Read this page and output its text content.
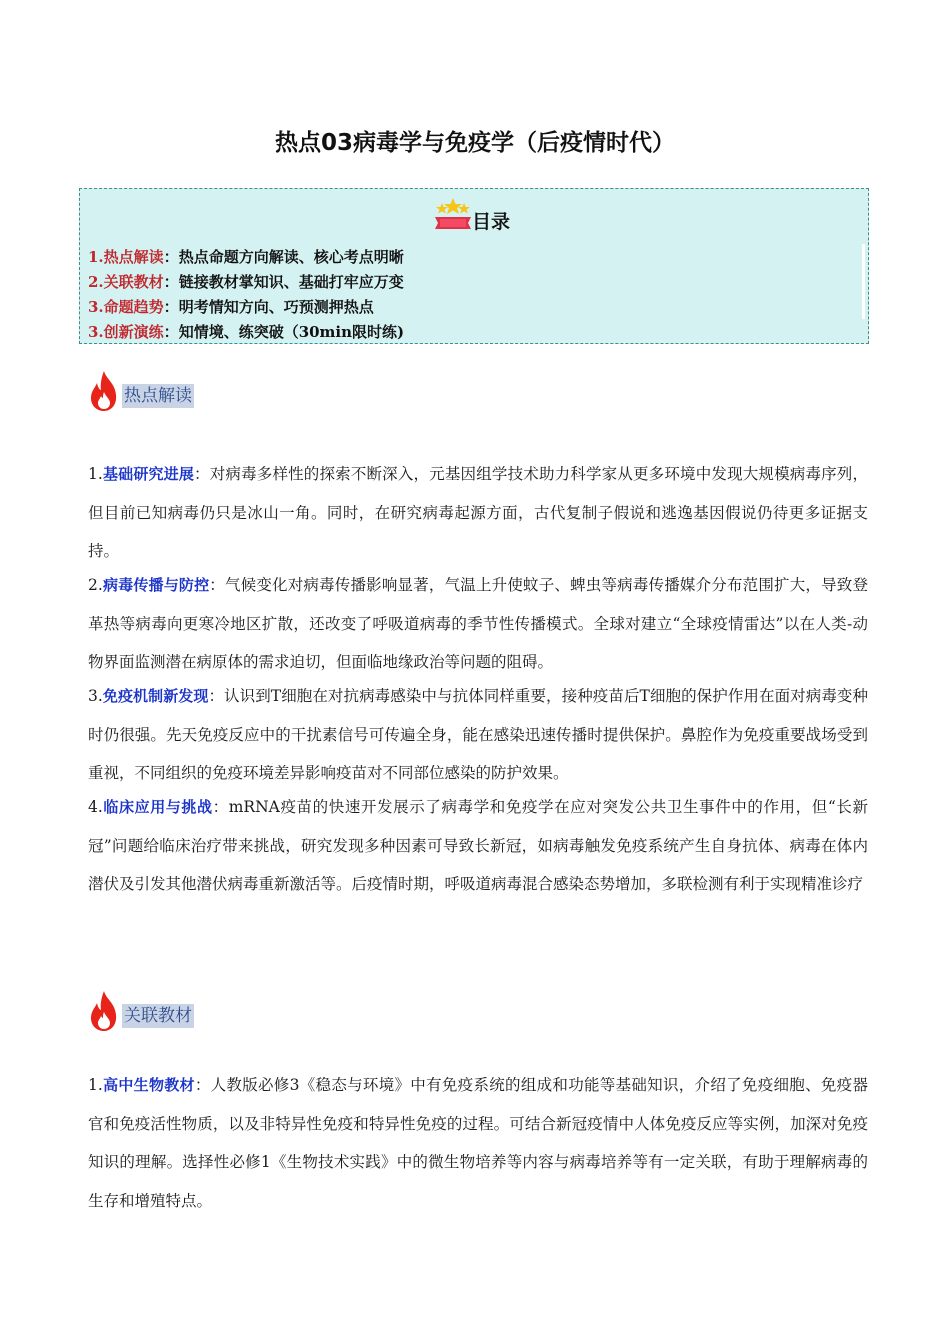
热点03病毒学与免疫学（后疫情时代）
目录
1.热点解读：热点命题方向解读、核心考点明晰
2.关联教材：链接教材掌知识、基础打牢应万变
3.命题趋势：明考情知方向、巧预测押热点
3.创新演练：知情境、练突破（30min限时练)
热点解读

1.基础研究进展：对病毒多样性的探索不断深入，元基因组学技术助力科学家从更多环境中发现大规模病毒序列，但目前已知病毒仍只是冰山一角。同时，在研究病毒起源方面，古代复制子假说和逃逸基因假说仍待更多证据支持。

2.病毒传播与防控：气候变化对病毒传播影响显著，气温上升使蚊子、蜱虫等病毒传播媒介分布范围扩大，导致登革热等病毒向更寒冷地区扩散，还改变了呼吸道病毒的季节性传播模式。全球对建立“全球疫情雷达”以在人类-动物界面监测潜在病原体的需求迫切，但面临地缘政治等问题的阻碍。

3.免疫机制新发现：认识到T细胞在对抗病毒感染中与抗体同样重要，接种疫苗后T细胞的保护作用在面对病毒变种时仍很强。先天免疫反应中的干扰素信号可传遍全身，能在感染迅速传播时提供保护。鼻腔作为免疫重要战场受到重视，不同组织的免疫环境差异影响疫苗对不同部位感染的防护效果。

4.临床应用与挑战：mRNA疫苗的快速开发展示了病毒学和免疫学在应对突发公共卫生事件中的作用，但“长新冠”问题给临床治疗带来挑战，研究发现多种因素可导致长新冠，如病毒触发免疫系统产生自身抗体、病毒在体内潜伏及引发其他潜伏病毒重新激活等。后疫情时期，呼吸道病毒混合感染态势增加，多联检测有利于实现精准诊疗

关联教材

1.高中生物教材：人教版必修3《稳态与环境》中有免疫系统的组成和功能等基础知识，介绍了免疫细胞、免疫器官和免疫活性物质，以及非特异性免疫和特异性免疫的过程。可结合新冠疫情中人体免疫反应等实例，加深对免疫知识的理解。选择性必修1《生物技术实践》中的微生物培养等内容与病毒培养等有一定关联，有助于理解病毒的生存和增殖特点。
